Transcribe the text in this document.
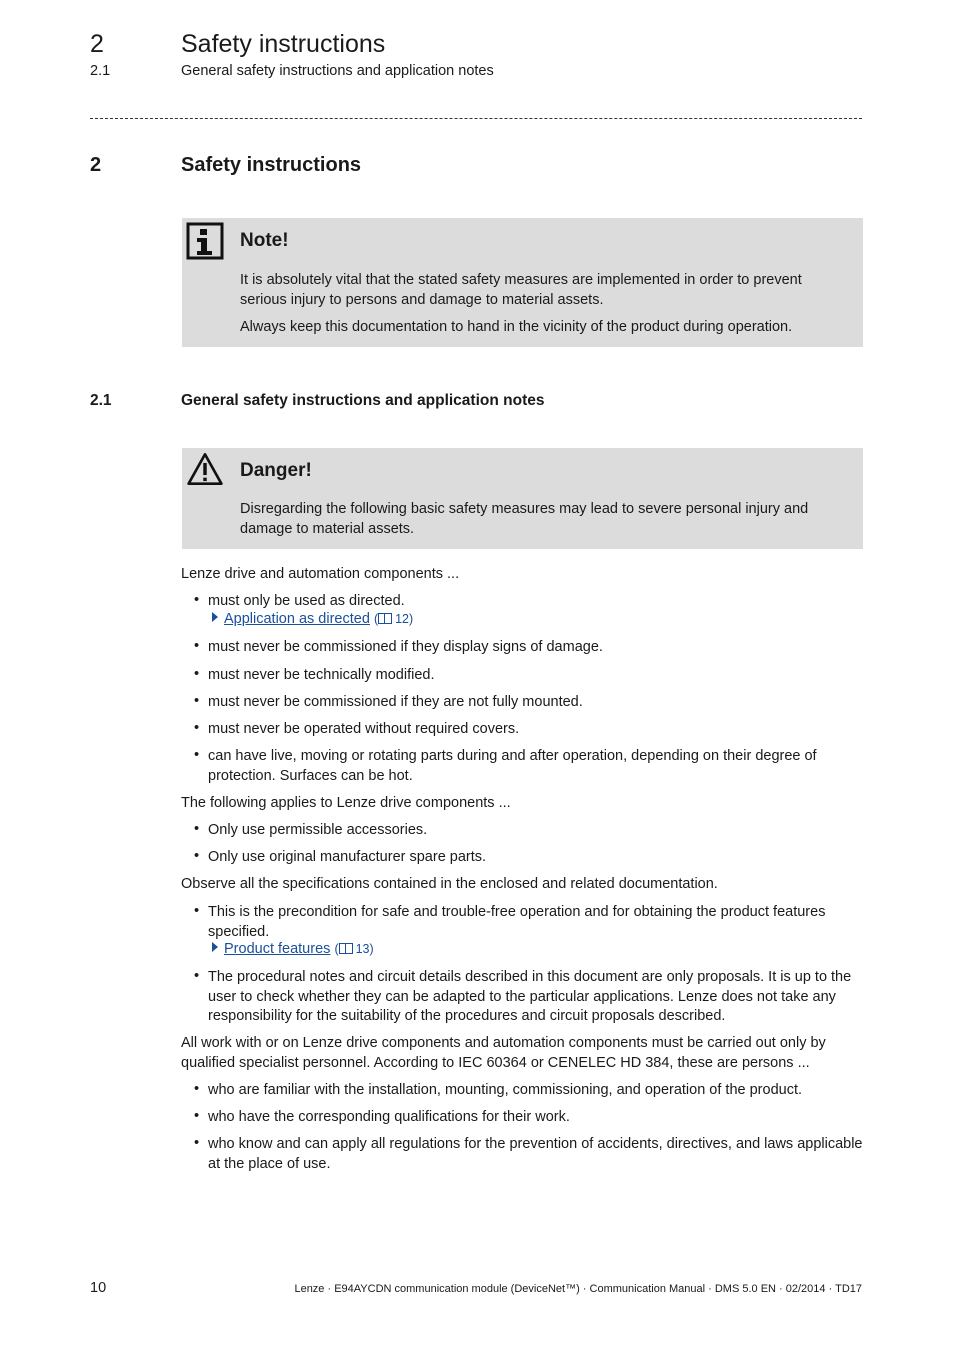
2	Safety instructions
2.1	General safety instructions and application notes
2	Safety instructions
Note!
It is absolutely vital that the stated safety measures are implemented in order to prevent serious injury to persons and damage to material assets.
Always keep this documentation to hand in the vicinity of the product during operation.
2.1	General safety instructions and application notes
Danger!
Disregarding the following basic safety measures may lead to severe personal injury and damage to material assets.
Lenze drive and automation components ...
• must only be used as directed.
Application as directed ( 12)
• must never be commissioned if they display signs of damage.
• must never be technically modified.
• must never be commissioned if they are not fully mounted.
• must never be operated without required covers.
• can have live, moving or rotating parts during and after operation, depending on their degree of protection. Surfaces can be hot.
The following applies to Lenze drive components ...
• Only use permissible accessories.
• Only use original manufacturer spare parts.
Observe all the specifications contained in the enclosed and related documentation.
• This is the precondition for safe and trouble-free operation and for obtaining the product features specified.
Product features ( 13)
• The procedural notes and circuit details described in this document are only proposals. It is up to the user to check whether they can be adapted to the particular applications. Lenze does not take any responsibility for the suitability of the procedures and circuit proposals described.
All work with or on Lenze drive components and automation components must be carried out only by qualified specialist personnel. According to IEC 60364 or CENELEC HD 384, these are persons ...
• who are familiar with the installation, mounting, commissioning, and operation of the product.
• who have the corresponding qualifications for their work.
• who know and can apply all regulations for the prevention of accidents, directives, and laws applicable at the place of use.
10	Lenze · E94AYCDN communication module (DeviceNet™) · Communication Manual · DMS 5.0 EN · 02/2014 · TD17
